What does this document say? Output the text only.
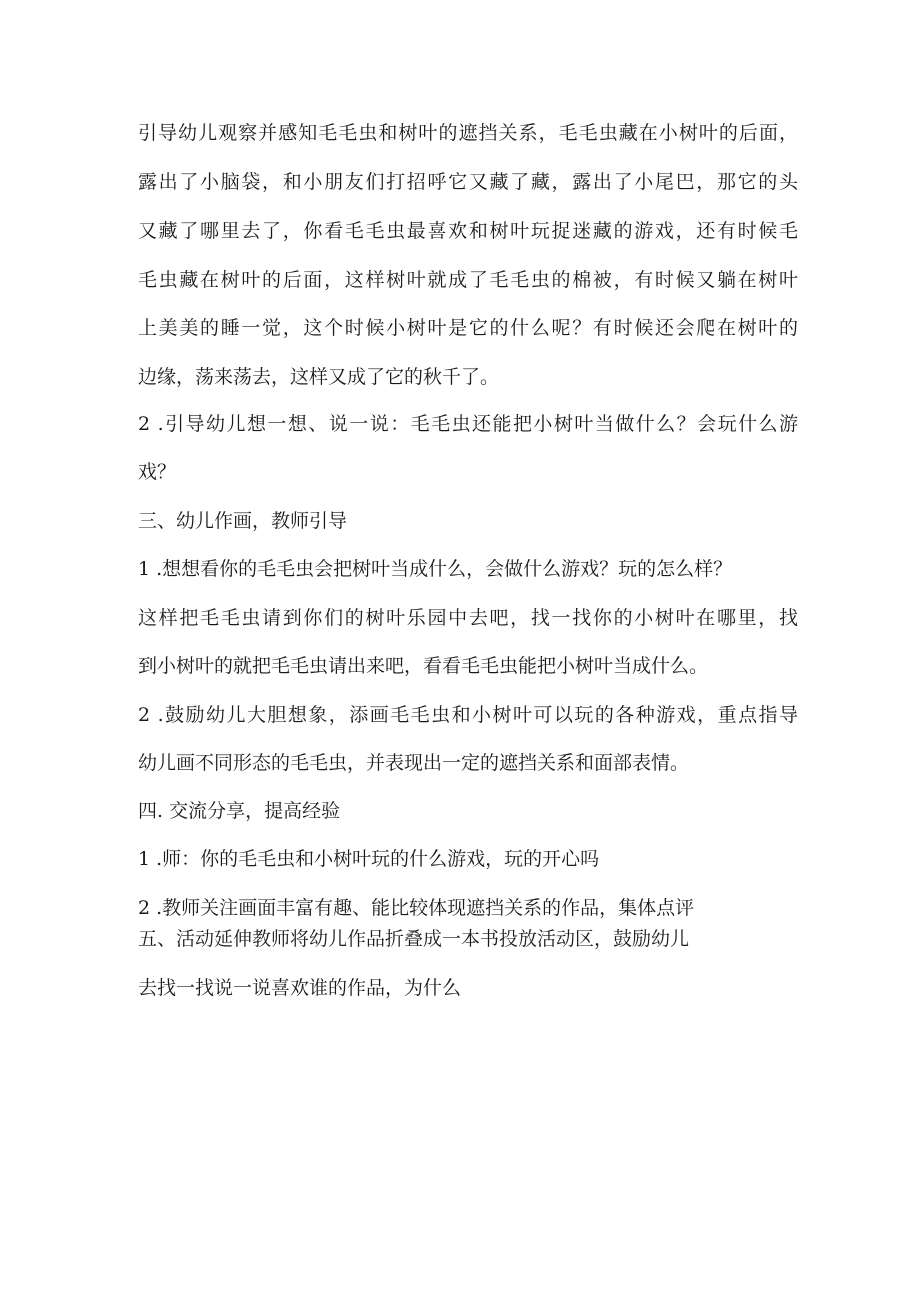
引导幼儿观察并感知毛毛虫和树叶的遮挡关系，毛毛虫藏在小树叶的后面，
露出了小脑袋，和小朋友们打招呼它又藏了藏，露出了小尾巴，那它的头
又藏了哪里去了，你看毛毛虫最喜欢和树叶玩捉迷藏的游戏，还有时候毛
毛虫藏在树叶的后面，这样树叶就成了毛毛虫的棉被，有时候又躺在树叶
上美美的睡一觉，这个时候小树叶是它的什么呢？有时候还会爬在树叶的
边缘，荡来荡去，这样又成了它的秋千了。
2 .引导幼儿想一想、说一说：毛毛虫还能把小树叶当做什么？会玩什么游
戏？
三、幼儿作画，教师引导
1 .想想看你的毛毛虫会把树叶当成什么，会做什么游戏？玩的怎么样？
这样把毛毛虫请到你们的树叶乐园中去吧，找一找你的小树叶在哪里，找
到小树叶的就把毛毛虫请出来吧，看看毛毛虫能把小树叶当成什么。
2 .鼓励幼儿大胆想象，添画毛毛虫和小树叶可以玩的各种游戏，重点指导
幼儿画不同形态的毛毛虫，并表现出一定的遮挡关系和面部表情。
四. 交流分享，提高经验
1 .师：你的毛毛虫和小树叶玩的什么游戏，玩的开心吗
2 .教师关注画面丰富有趣、能比较体现遮挡关系的作品，集体点评
五、活动延伸教师将幼儿作品折叠成一本书投放活动区，鼓励幼儿
去找一找说一说喜欢谁的作品，为什么
